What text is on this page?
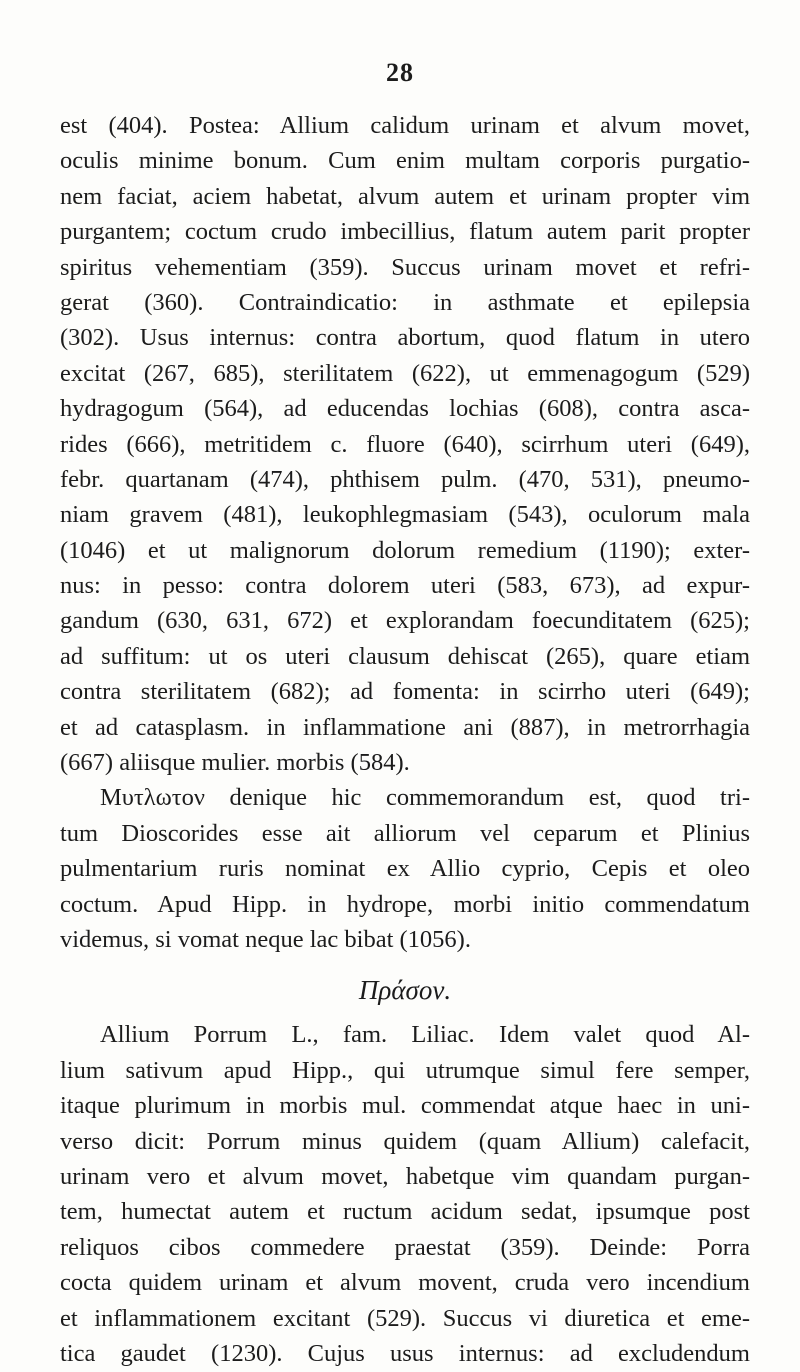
28
est (404). Postea: Allium calidum urinam et alvum movet,
oculis minime bonum. Cum enim multam corporis purgatio-
nem faciat, aciem habetat, alvum autem et urinam propter vim
purgantem; coctum crudo imbecillius, flatum autem parit propter
spiritus vehementiam (359). Succus urinam movet et refri-
gerat (360). Contraindicatio: in asthmate et epilepsia
(302). Usus internus: contra abortum, quod flatum in utero
excitat (267, 685), sterilitatem (622), ut emmenagogum (529)
hydragogum (564), ad educendas lochias (608), contra asca-
rides (666), metritidem c. fluore (640), scirrhum uteri (649),
febr. quartanam (474), phthisem pulm. (470, 531), pneumo-
niam gravem (481), leukophlegmasiam (543), oculorum mala
(1046) et ut malignorum dolorum remedium (1190); exter-
nus: in pesso: contra dolorem uteri (583, 673), ad expur-
gandum (630, 631, 672) et explorandam foecunditatem (625);
ad suffitum: ut os uteri clausum dehiscat (265), quare etiam
contra sterilitatem (682); ad fomenta: in scirrho uteri (649);
et ad catasplasm. in inflammatione ani (887), in metrorrhagia
(667) aliisque mulier. morbis (584).
Μυτλωτον denique hic commemorandum est, quod tri-
tum Dioscorides esse ait alliorum vel ceparum et Plinius
pulmentarium ruris nominat ex Allio cyprio, Cepis et oleo
coctum. Apud Hipp. in hydrope, morbi initio commendatum
videmus, si vomat neque lac bibat (1056).
Πράσον.
Allium Porrum L., fam. Liliac. Idem valet quod Al-
lium sativum apud Hipp., qui utrumque simul fere semper,
itaque plurimum in morbis mul. commendat atque haec in uni-
verso dicit: Porrum minus quidem (quam Allium) calefacit,
urinam vero et alvum movet, habetque vim quandam purgan-
tem, humectat autem et ructum acidum sedat, ipsumque post
reliquos cibos commedere praestat (359). Deinde: Porra
cocta quidem urinam et alvum movent, cruda vero incendium
et inflammationem excitant (529). Succus vi diuretica et eme-
tica gaudet (1230). Cujus usus internus: ad excludendum
